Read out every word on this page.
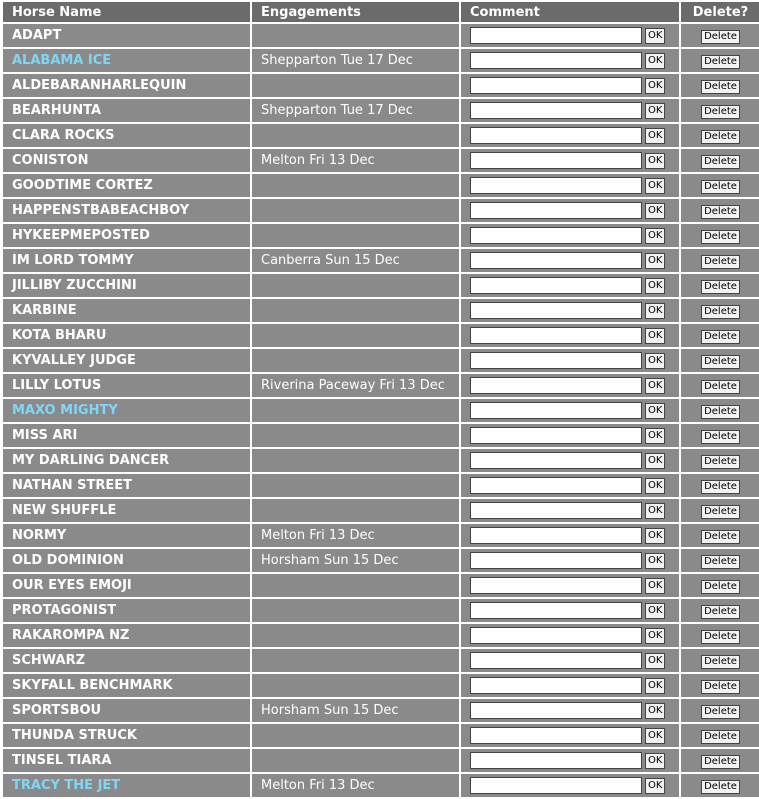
Horse Name	Engagements	Comment	Delete?
ADAPT		OK	Delete
ALABAMA ICE	Shepparton Tue 17 Dec	OK	Delete
ALDEBARANHARLEQUIN		OK	Delete
BEARHUNTA	Shepparton Tue 17 Dec	OK	Delete
CLARA ROCKS		OK	Delete
CONISTON	Melton Fri 13 Dec	OK	Delete
GOODTIME CORTEZ		OK	Delete
HAPPENSTBABEACHBOY		OK	Delete
HYKEEPMEPOSTED		OK	Delete
IM LORD TOMMY	Canberra Sun 15 Dec	OK	Delete
JILLIBY ZUCCHINI		OK	Delete
KARBINE		OK	Delete
KOTA BHARU		OK	Delete
KYVALLEY JUDGE		OK	Delete
LILLY LOTUS	Riverina Paceway Fri 13 Dec	OK	Delete
MAXO MIGHTY		OK	Delete
MISS ARI		OK	Delete
MY DARLING DANCER		OK	Delete
NATHAN STREET		OK	Delete
NEW SHUFFLE		OK	Delete
NORMY	Melton Fri 13 Dec	OK	Delete
OLD DOMINION	Horsham Sun 15 Dec	OK	Delete
OUR EYES EMOJI		OK	Delete
PROTAGONIST		OK	Delete
RAKAROMPA NZ		OK	Delete
SCHWARZ		OK	Delete
SKYFALL BENCHMARK		OK	Delete
SPORTSBOU	Horsham Sun 15 Dec	OK	Delete
THUNDA STRUCK		OK	Delete
TINSEL TIARA		OK	Delete
TRACY THE JET	Melton Fri 13 Dec	OK	Delete
